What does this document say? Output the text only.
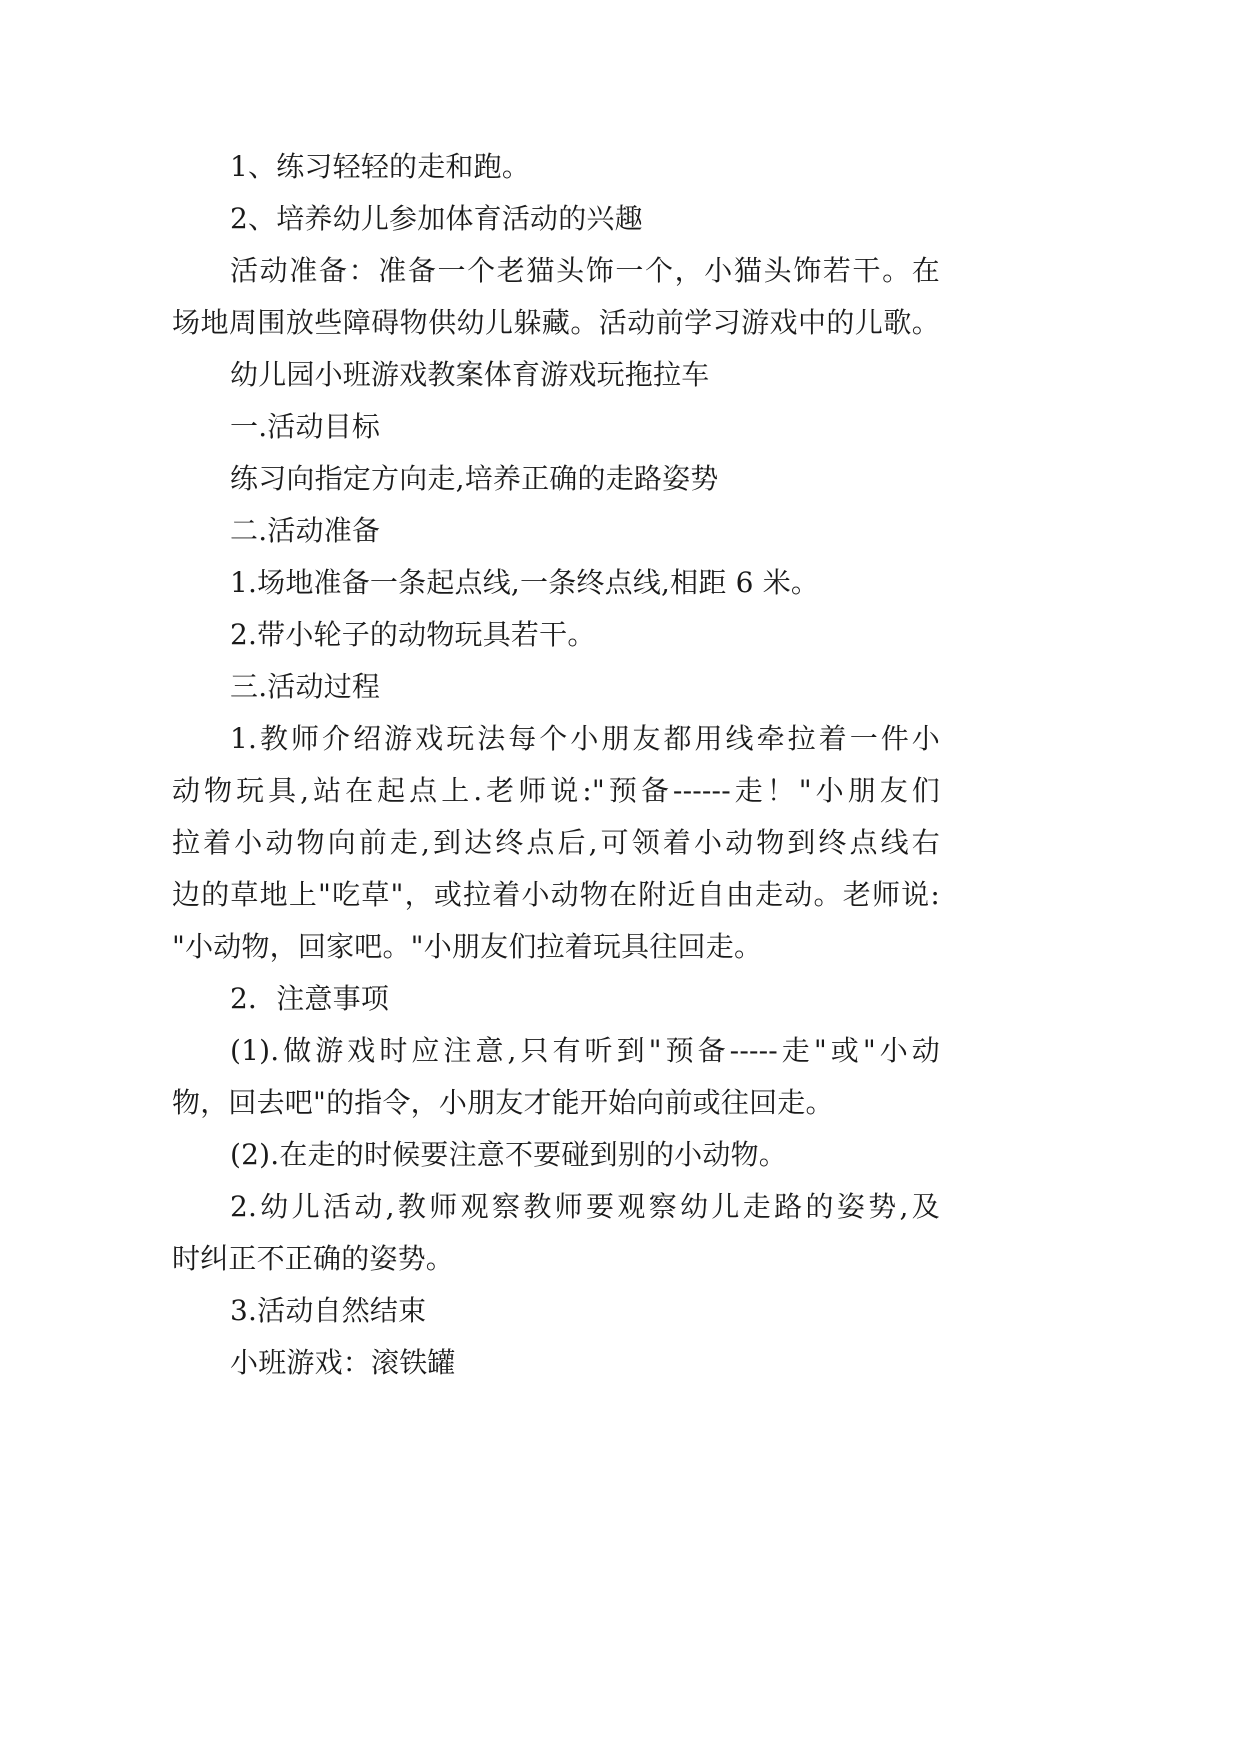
1、练习轻轻的走和跑。
2、培养幼儿参加体育活动的兴趣
活动准备：准备一个老猫头饰一个，小猫头饰若干。在
场地周围放些障碍物供幼儿躲藏。活动前学习游戏中的儿歌。
幼儿园小班游戏教案体育游戏玩拖拉车
一.活动目标
练习向指定方向走,培养正确的走路姿势
二.活动准备
1.场地准备一条起点线,一条终点线,相距 6 米。
2.带小轮子的动物玩具若干。
三.活动过程
1.教师介绍游戏玩法每个小朋友都用线牵拉着一件小
动物玩具,站在起点上.老师说:"预备------走！"小朋友们
拉着小动物向前走,到达终点后,可领着小动物到终点线右
边的草地上"吃草"，或拉着小动物在附近自由走动。老师说:
"小动物，回家吧。"小朋友们拉着玩具往回走。
2．注意事项
(1).做游戏时应注意,只有听到"预备-----走"或"小动
物，回去吧"的指令，小朋友才能开始向前或往回走。
(2).在走的时候要注意不要碰到别的小动物。
2.幼儿活动,教师观察教师要观察幼儿走路的姿势,及
时纠正不正确的姿势。
3.活动自然结束
小班游戏：滚铁罐
